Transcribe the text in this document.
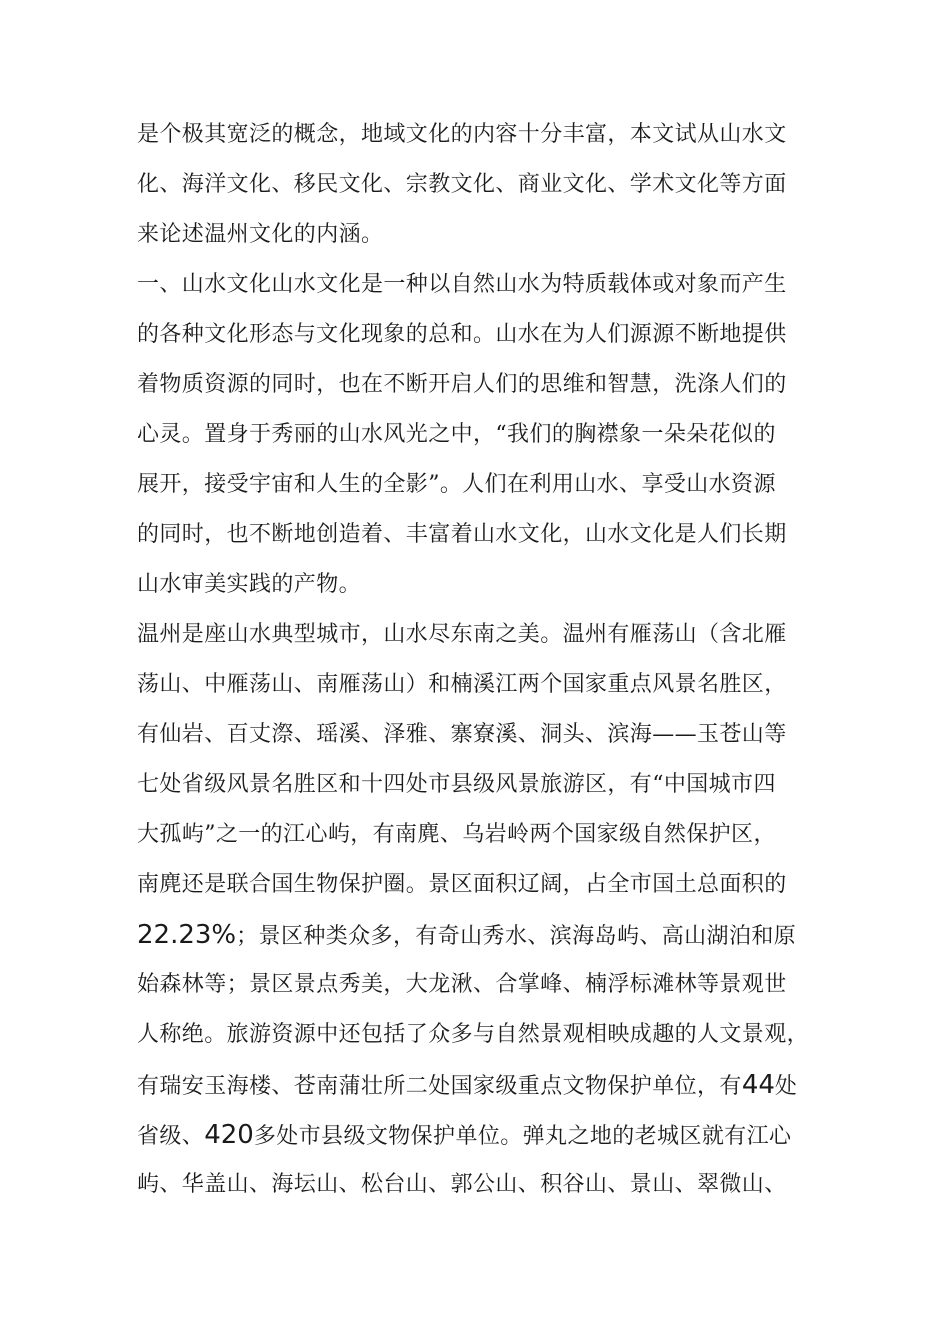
是个极其宽泛的概念，地域文化的内容十分丰富，本文试从山水文
化、海洋文化、移民文化、宗教文化、商业文化、学术文化等方面
来论述温州文化的内涵。
一、山水文化山水文化是一种以自然山水为特质载体或对象而产生
的各种文化形态与文化现象的总和。山水在为人们源源不断地提供
着物质资源的同时，也在不断开启人们的思维和智慧，洗涤人们的
心灵。置身于秀丽的山水风光之中，“我们的胸襟象一朵朵花似的
展开，接受宇宙和人生的全影”。人们在利用山水、享受山水资源
的同时，也不断地创造着、丰富着山水文化，山水文化是人们长期
山水审美实践的产物。
温州是座山水典型城市，山水尽东南之美。温州有雁荡山（含北雁
荡山、中雁荡山、南雁荡山）和楠溪江两个国家重点风景名胜区，
有仙岩、百丈漈、瑶溪、泽雅、寨寮溪、洞头、滨海——玉苍山等
七处省级风景名胜区和十四处市县级风景旅游区，有“中国城市四
大孤屿”之一的江心屿，有南麂、乌岩岭两个国家级自然保护区，
南麂还是联合国生物保护圈。景区面积辽阔，占全市国土总面积的
22.23%；景区种类众多，有奇山秀水、滨海岛屿、高山湖泊和原
始森林等；景区景点秀美，大龙湫、合掌峰、楠浮标滩林等景观世
人称绝。旅游资源中还包括了众多与自然景观相映成趣的人文景观，
有瑞安玉海楼、苍南蒲壮所二处国家级重点文物保护单位，有44处
省级、420多处市县级文物保护单位。弹丸之地的老城区就有江心
屿、华盖山、海坛山、松台山、郭公山、积谷山、景山、翠微山、
